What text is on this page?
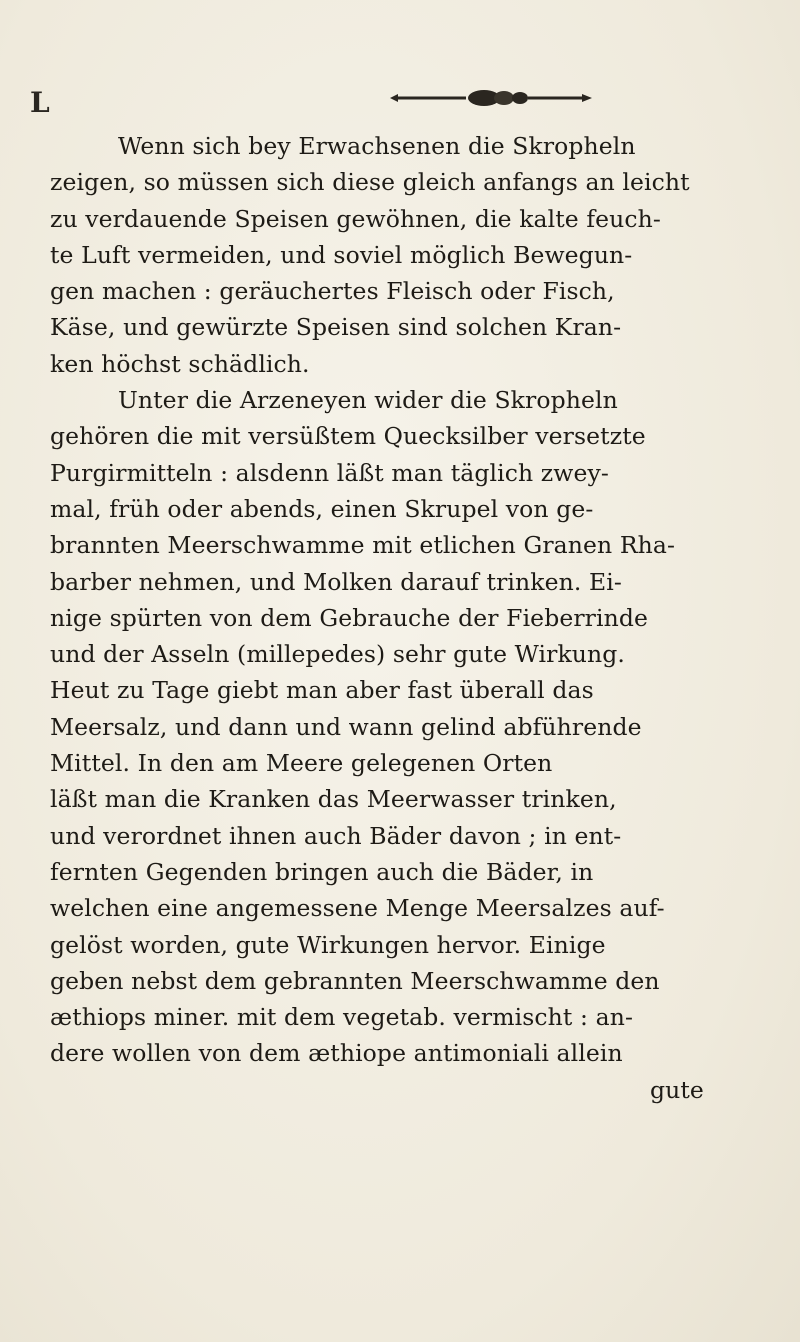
L
Wenn sich bey Erwachsenen die Skropheln
zeigen, so müssen sich diese gleich anfangs an leicht
zu verdauende Speisen gewöhnen, die kalte feuch-
te Luft vermeiden, und soviel möglich Bewegun-
gen machen : geräuchertes Fleisch oder Fisch,
Käse, und gewürzte Speisen sind solchen Kran-
ken höchst schädlich.
Unter die Arzeneyen wider die Skropheln
gehören die mit versüßtem Quecksilber versetzte
Purgirmitteln : alsdenn läßt man täglich zwey-
mal, früh oder abends, einen Skrupel von ge-
brannten Meerschwamme mit etlichen Granen Rha-
barber nehmen, und Molken darauf trinken. Ei-
nige spürten von dem Gebrauche der Fieberrinde
und der Asseln (millepedes) sehr gute Wirkung.
Heut zu Tage giebt man aber fast überall das
Meersalz, und dann und wann gelind abführende
Mittel. In den am Meere gelegenen Orten
läßt man die Kranken das Meerwasser trinken,
und verordnet ihnen auch Bäder davon ; in ent-
fernten Gegenden bringen auch die Bäder, in
welchen eine angemessene Menge Meersalzes auf-
gelöst worden, gute Wirkungen hervor. Einige
geben nebst dem gebrannten Meerschwamme den
æthiops miner. mit dem vegetab. vermischt : an-
dere wollen von dem æthiope antimoniali allein
gute
